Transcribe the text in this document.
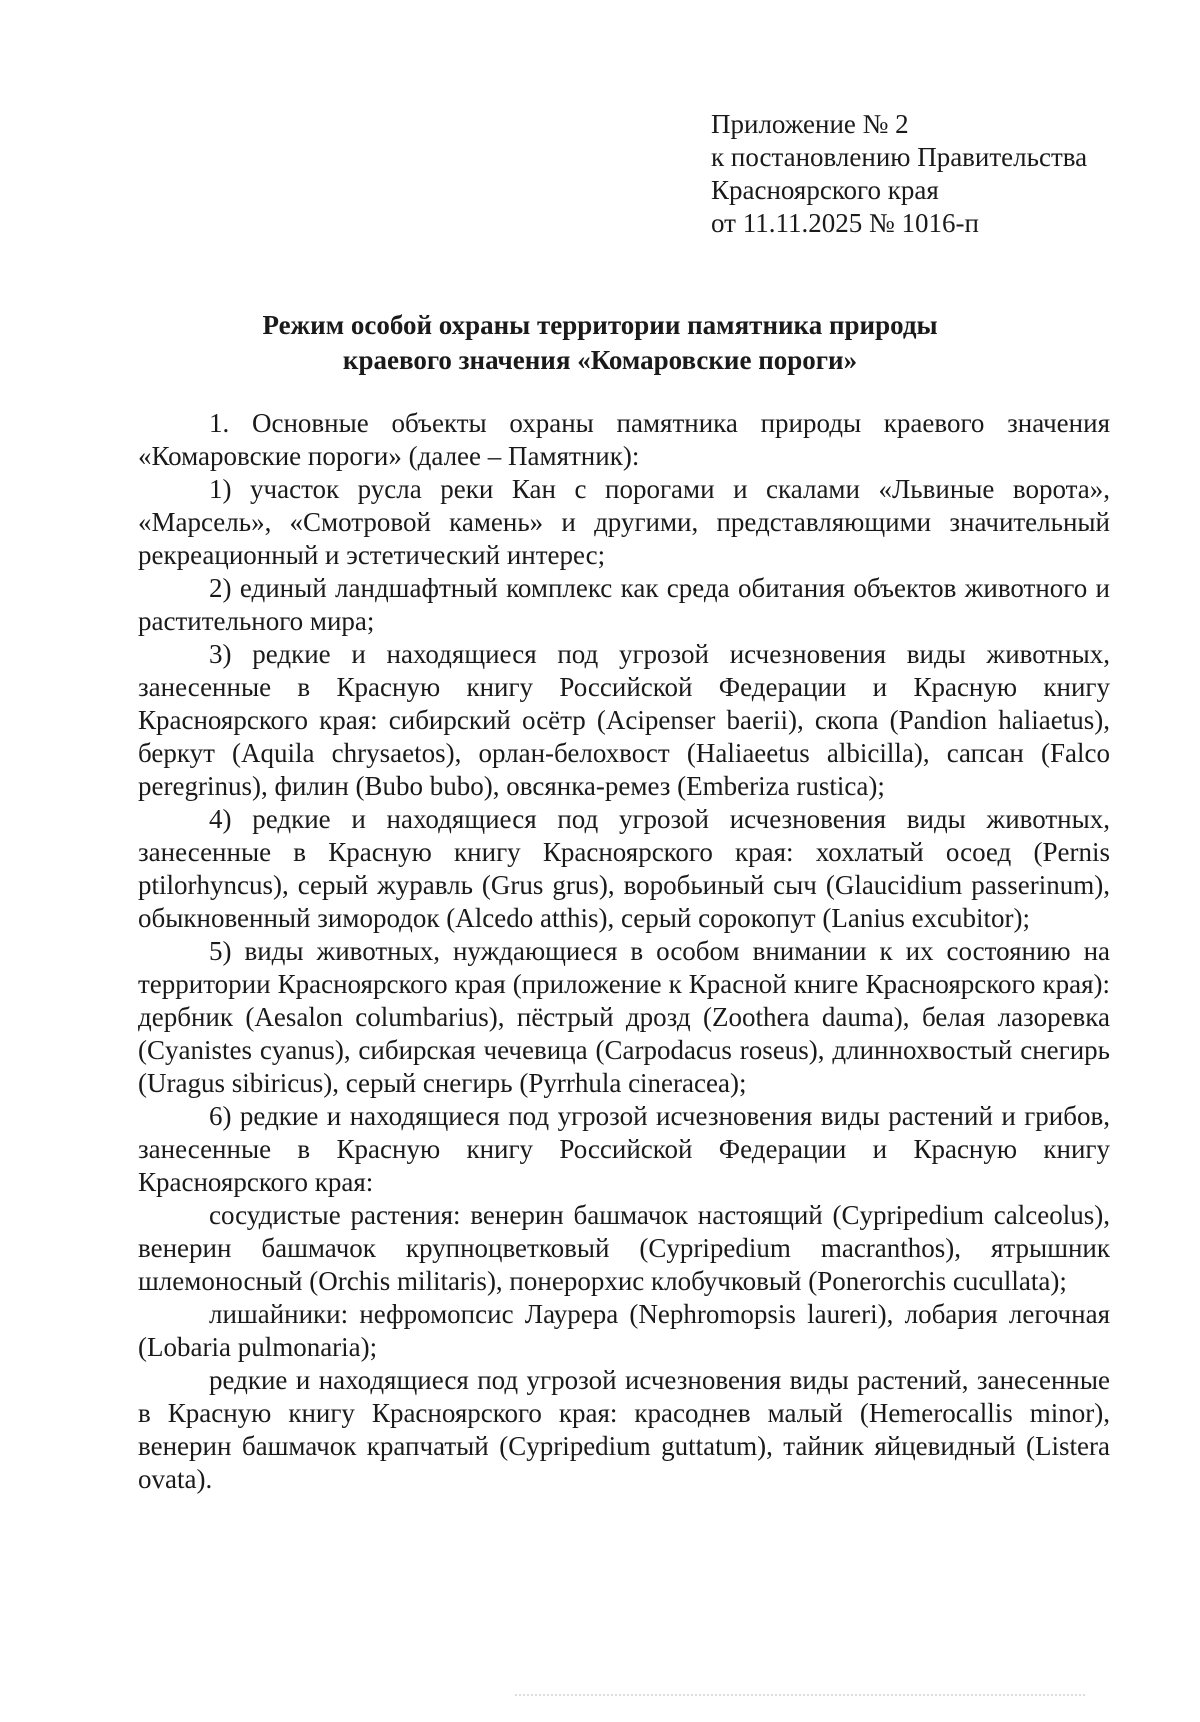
Приложение № 2
к постановлению Правительства
Красноярского края
от 11.11.2025 № 1016-п
Режим особой охраны территории памятника природы
краевого значения «Комаровские пороги»

1. Основные объекты охраны памятника природы краевого значения «Комаровские пороги» (далее – Памятник):

1) участок русла реки Кан с порогами и скалами «Львиные ворота», «Марсель», «Смотровой камень» и другими, представляющими значительный рекреационный и эстетический интерес;

2) единый ландшафтный комплекс как среда обитания объектов животного и растительного мира;

3) редкие и находящиеся под угрозой исчезновения виды животных, занесенные в Красную книгу Российской Федерации и Красную книгу Красноярского края: сибирский осётр (Acipenser baerii), скопа (Pandion haliaetus), беркут (Aquila chrysaetos), орлан-белохвост (Haliaeetus albicilla), сапсан (Falco peregrinus), филин (Bubo bubo), овсянка-ремез (Emberiza rustica);

4) редкие и находящиеся под угрозой исчезновения виды животных, занесенные в Красную книгу Красноярского края: хохлатый осоед (Pernis ptilorhyncus), серый журавль (Grus grus), воробьиный сыч (Glaucidium passerinum), обыкновенный зимородок (Alcedo atthis), серый сорокопут (Lanius excubitor);

5) виды животных, нуждающиеся в особом внимании к их состоянию на территории Красноярского края (приложение к Красной книге Красноярского края): дербник (Aesalon columbarius), пёстрый дрозд (Zoothera dauma), белая лазоревка (Cyanistes cyanus), сибирская чечевица (Carpodacus roseus), длиннохвостый снегирь (Uragus sibiricus), серый снегирь (Pyrrhula cineracea);

6) редкие и находящиеся под угрозой исчезновения виды растений и грибов, занесенные в Красную книгу Российской Федерации и Красную книгу Красноярского края:

сосудистые растения: венерин башмачок настоящий (Cypripedium calceolus), венерин башмачок крупноцветковый (Cypripedium macranthos), ятрышник шлемоносный (Orchis militaris), понерорхис клобучковый (Ponerorchis cucullata);

лишайники: нефромопсис Лаурера (Nephromopsis laureri), лобария легочная (Lobaria pulmonaria);

редкие и находящиеся под угрозой исчезновения виды растений, занесенные в Красную книгу Красноярского края: красоднев малый (Hemerocallis minor), венерин башмачок крапчатый (Cypripedium guttatum), тайник яйцевидный (Listera ovata).
